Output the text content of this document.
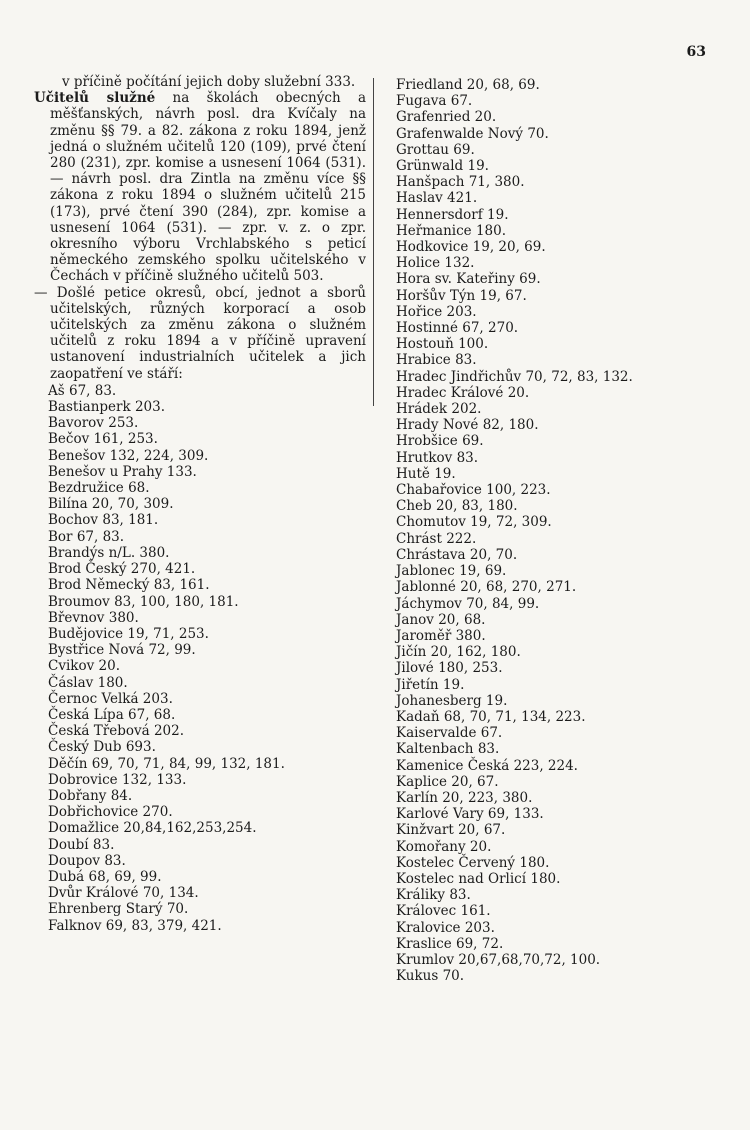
63

v příčině počítání jejich doby služební 333.

Učitelů služné na školách obecných a měšťanských, návrh posl. dra Kvíčaly na změnu §§ 79. a 82. zákona z roku 1894, jenž jedná o služném učitelů 120 (109), prvé čtení 280 (231), zpr. komise a usnesení 1064 (531). — návrh posl. dra Zintla na změnu více §§ zákona z roku 1894 o služném učitelů 215 (173), prvé čtení 390 (284), zpr. komise a usnesení 1064 (531). — zpr. v. z. o zpr. okresního výboru Vrchlabského s peticí německého zemského spolku učitelského v Čechách v příčině služného učitelů 503.

— Došlé petice okresů, obcí, jednot a sborů učitelských, různých korporací a osob učitelských za změnu zákona o služném učitelů z roku 1894 a v příčině upravení ustanovení industrialních učitelek a jich zaopatření ve stáří:

Aš 67, 83.
Bastianperk 203.
Bavorov 253.
Bečov 161, 253.
Benešov 132, 224, 309.
Benešov u Prahy 133.
Bezdružice 68.
Bilína 20, 70, 309.
Bochov 83, 181.
Bor 67, 83.
Brandýs n/L. 380.
Brod Český 270, 421.
Brod Německý 83, 161.
Broumov 83, 100, 180, 181.
Břevnov 380.
Budějovice 19, 71, 253.
Bystřice Nová 72, 99.
Cvikov 20.
Čáslav 180.
Černoc Velká 203.
Česká Lípa 67, 68.
Česká Třebová 202.
Český Dub 693.
Děčín 69, 70, 71, 84, 99, 132, 181.
Dobrovice 132, 133.
Dobřany 84.
Dobřichovice 270.
Domažlice 20,84,162,253,254.
Doubí 83.
Doupov 83.
Dubá 68, 69, 99.
Dvůr Králové 70, 134.
Ehrenberg Starý 70.
Falknov 69, 83, 379, 421.
Friedland 20, 68, 69.
Fugava 67.
Grafenried 20.
Grafenwalde Nový 70.
Grottau 69.
Grünwald 19.
Hanšpach 71, 380.
Haslav 421.
Hennersdorf 19.
Heřmanice 180.
Hodkovice 19, 20, 69.
Holice 132.
Hora sv. Kateřiny 69.
Horšův Týn 19, 67.
Hořice 203.
Hostinné 67, 270.
Hostouň 100.
Hrabice 83.
Hradec Jindřichův 70, 72, 83, 132.
Hradec Králové 20.
Hrádek 202.
Hrady Nové 82, 180.
Hrobšice 69.
Hrutkov 83.
Hutě 19.
Chabařovice 100, 223.
Cheb 20, 83, 180.
Chomutov 19, 72, 309.
Chrást 222.
Chrástava 20, 70.
Jablonec 19, 69.
Jablonné 20, 68, 270, 271.
Jáchymov 70, 84, 99.
Janov 20, 68.
Jaroměř 380.
Jičín 20, 162, 180.
Jilové 180, 253.
Jiřetín 19.
Johanesberg 19.
Kadaň 68, 70, 71, 134, 223.
Kaiservalde 67.
Kaltenbach 83.
Kamenice Česká 223, 224.
Kaplice 20, 67.
Karlín 20, 223, 380.
Karlové Vary 69, 133.
Kinžvart 20, 67.
Komořany 20.
Kostelec Červený 180.
Kostelec nad Orlicí 180.
Králiky 83.
Královec 161.
Kralovice 203.
Kraslice 69, 72.
Krumlov 20,67,68,70,72, 100.
Kukus 70.
